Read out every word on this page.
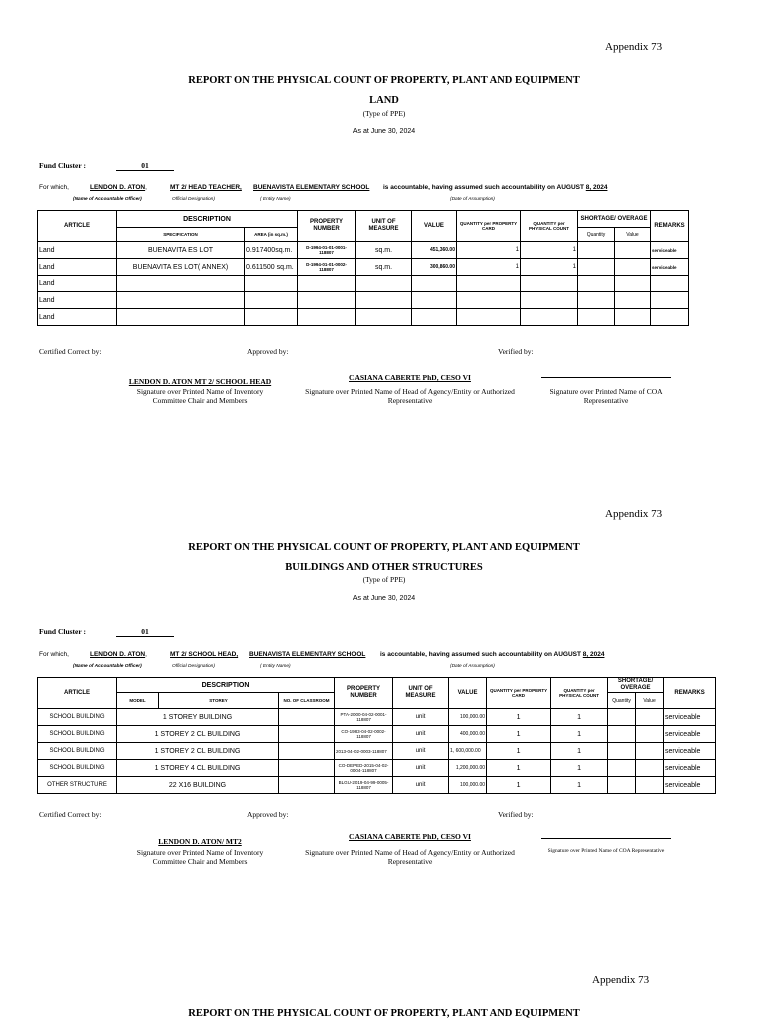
Appendix 73
REPORT ON THE PHYSICAL COUNT OF PROPERTY, PLANT AND EQUIPMENT
LAND
(Type of PPE)
As at June 30, 2024
Fund Cluster :	01
For which,	LENDON D. ATON,	MT 2/ HEAD TEACHER, BUENAVISTA ELEMENTARY SCHOOL is accountable, having assumed such accountability on AUGUST 8, 2024
(Name of Accountable Officer)	Official Designation)	( Entity Name)	(Date of Assumption)
ARTICLE	DESCRIPTION		PROPERTY NUMBER	UNIT OF MEASURE	VALUE	QUANTITY per PROPERTY CARD	QUANTITY per PHYSICAL COUNT	SHORTAGE/ OVERAGE		REMARKS
	SPECIFICATION	AREA (in sq.m.)						Quantity	Value	
Land	BUENAVITA ES LOT	0.917400sq.m.	D-1994-01-01-0001-118807	sq.m.	451,360.00	1	1			serviceable
Land	BUENAVITA ES LOT( ANNEX)	0.611500 sq.m.	D-1994-01-01-0002-118807	sq.m.	300,860.00	1	1			serviceable
Land										
Land										
Land										
Certified Correct by:	Approved by:	Verified by:
LENDON D. ATON MT 2/ SCHOOL HEAD
Signature over Printed Name of Inventory Committee Chair and Members
CASIANA CABERTE PhD, CESO VI
Signature over Printed Name of Head of Agency/Entity or Authorized Representative
Signature over Printed Name of COA Representative
Appendix 73
REPORT ON THE PHYSICAL COUNT OF PROPERTY, PLANT AND EQUIPMENT
BUILDINGS AND OTHER STRUCTURES
(Type of PPE)
As at June 30, 2024
Fund Cluster :	01
For which,	LENDON D. ATON,	MT 2/ SCHOOL HEAD, BUENAVISTA ELEMENTARY SCHOOL is accountable, having assumed such accountability on AUGUST 8, 2024
(Name of Accountable Officer)	Official Designation)	( Entity Name)	(Date of Assumption)
ARTICLE	DESCRIPTION			PROPERTY NUMBER	UNIT OF MEASURE	VALUE	QUANTITY per PROPERTY CARD	QUANTITY per PHYSICAL COUNT	SHORTAGE/ OVERAGE		REMARKS
	MODEL	STOREY	NO. OF CLASSROOM						Quantity	Value	
SCHOOL BUILDING	1 STOREY BUILDING			PTA-2000-04-02-0001-118807	unit	100,000.00	1	1			serviceable
SCHOOL BUILDING	1 STOREY 2 CL BUILDING			CO-1983-04-02-0002-118807	unit	400,000.00	1	1			serviceable
SCHOOL BUILDING	1 STOREY 2 CL BUILDING			2013-04-02-0003-118807	unit	1, 600,000.00	1	1			serviceable
SCHOOL BUILDING	1 STOREY 4 CL BUILDING			CO-DEPED-2015-04-02-0004-118807	unit	1,200,000.00	1	1			serviceable
OTHER STRUCTURE	22 X16 BUILDING			BLGU-2019-04-99-0005-118807	unit	100,000.00	1	1			serviceable
Certified Correct by:	Approved by:	Verified by:
LENDON D. ATON/ MT2
Signature over Printed Name of Inventory Committee Chair and Members
CASIANA CABERTE PhD, CESO VI
Signature over Printed Name of Head of Agency/Entity or Authorized Representative
Signature over Printed Name of COA Representative
Appendix 73
REPORT ON THE PHYSICAL COUNT OF PROPERTY, PLANT AND EQUIPMENT
